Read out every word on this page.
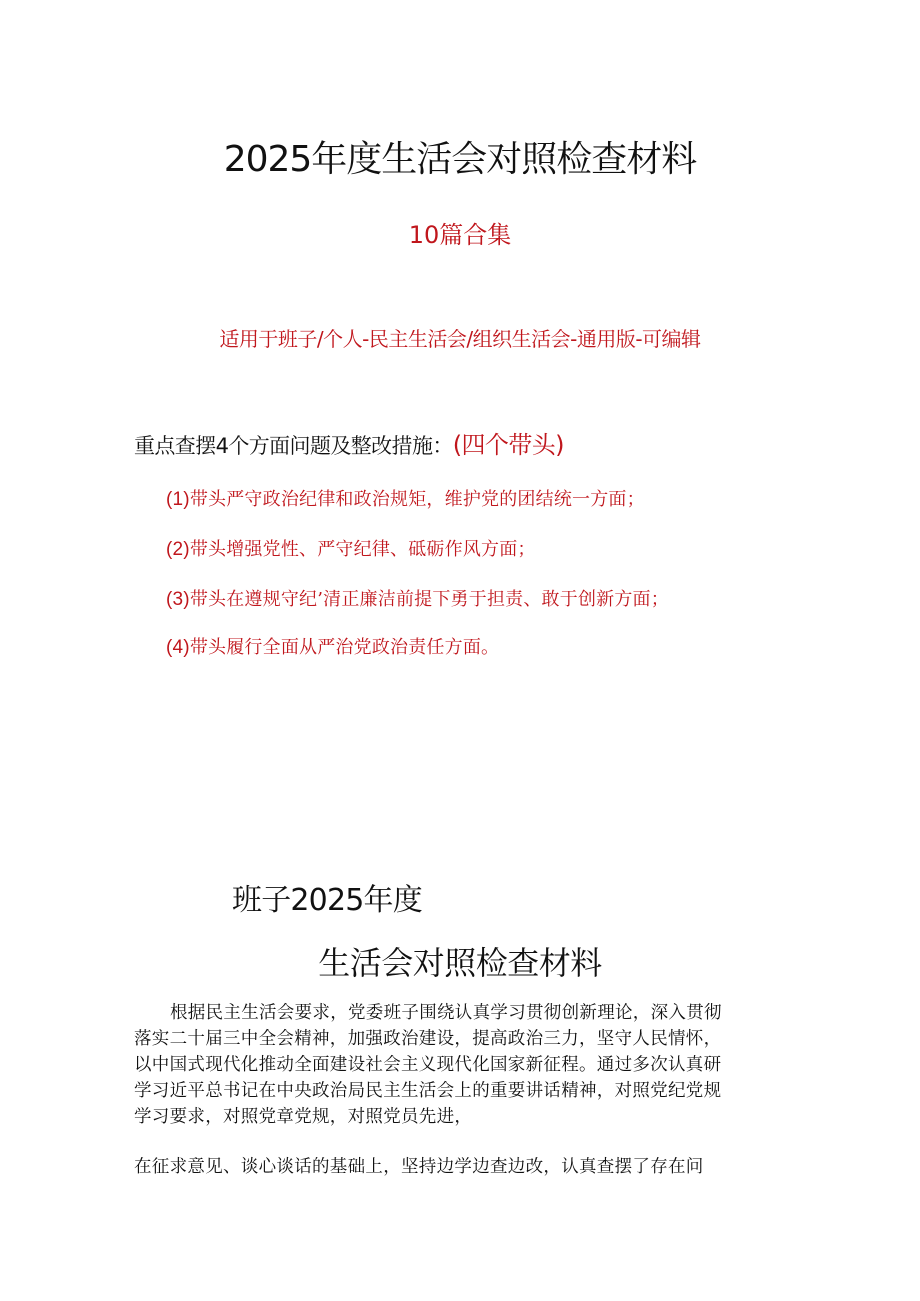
2025年度生活会对照检查材料
10篇合集
适用于班子/个人-民主生活会/组织生活会-通用版-可编辑
重点查摆4个方面问题及整改措施：(四个带头)
(1)带头严守政治纪律和政治规矩，维护党的团结统一方面；
(2)带头增强党性、严守纪律、砥砺作风方面；
(3)带头在遵规守纪’清正廉洁前提下勇于担责、敢于创新方面；
(4)带头履行全面从严治党政治责任方面。
班子2025年度
生活会对照检查材料
根据民主生活会要求，党委班子围绕认真学习贯彻创新理论，深入贯彻
落实二十届三中全会精神，加强政治建设，提高政治三力，坚守人民情怀，
以中国式现代化推动全面建设社会主义现代化国家新征程。通过多次认真研
学习近平总书记在中央政治局民主生活会上的重要讲话精神，对照党纪党规
学习要求，对照党章党规，对照党员先进，
在征求意见、谈心谈话的基础上，坚持边学边查边改，认真查摆了存在问
